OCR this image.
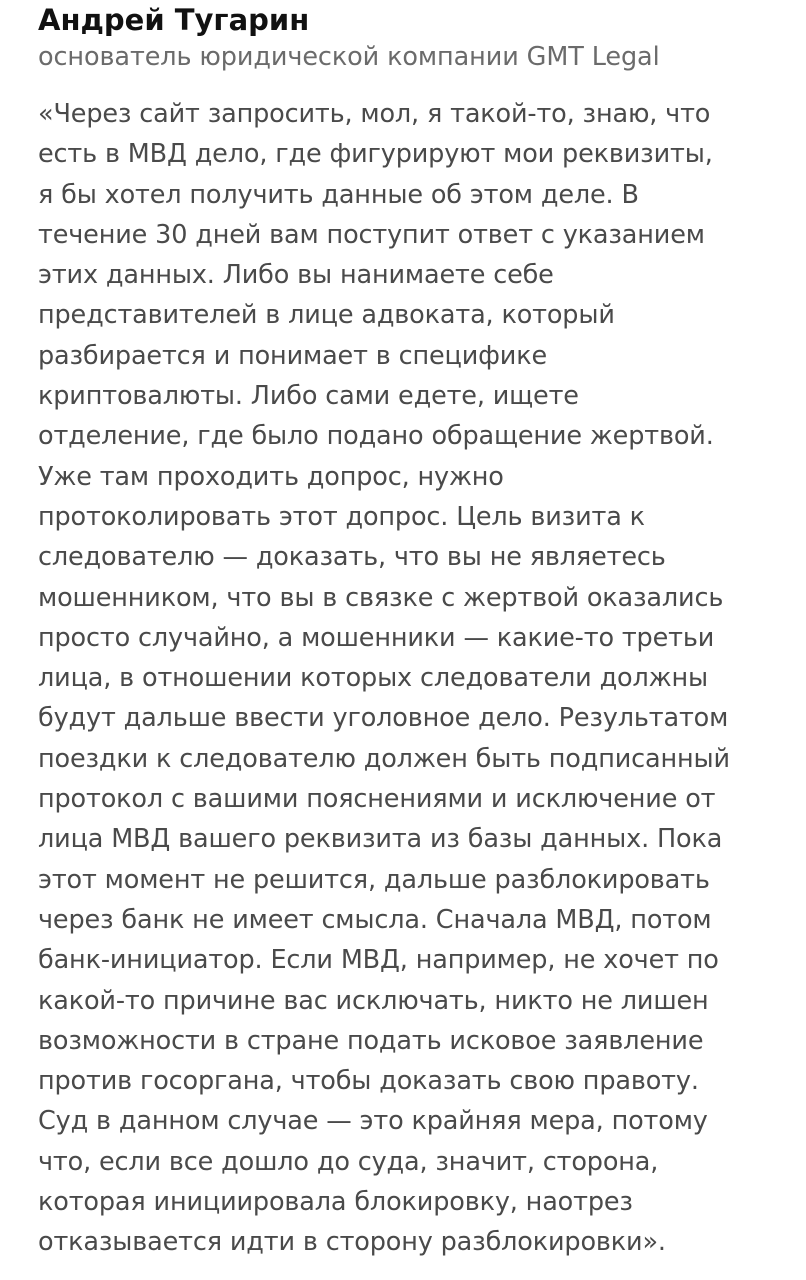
Андрей Тугарин
основатель юридической компании GMT Legal
«Через сайт запросить, мол, я такой-то, знаю, что
есть в МВД дело, где фигурируют мои реквизиты,
я бы хотел получить данные об этом деле. В
течение 30 дней вам поступит ответ с указанием
этих данных. Либо вы нанимаете себе
представителей в лице адвоката, который
разбирается и понимает в специфике
криптовалюты. Либо сами едете, ищете
отделение, где было подано обращение жертвой.
Уже там проходить допрос, нужно
протоколировать этот допрос. Цель визита к
следователю — доказать, что вы не являетесь
мошенником, что вы в связке с жертвой оказались
просто случайно, а мошенники — какие-то третьи
лица, в отношении которых следователи должны
будут дальше ввести уголовное дело. Результатом
поездки к следователю должен быть подписанный
протокол с вашими пояснениями и исключение от
лица МВД вашего реквизита из базы данных. Пока
этот момент не решится, дальше разблокировать
через банк не имеет смысла. Сначала МВД, потом
банк-инициатор. Если МВД, например, не хочет по
какой-то причине вас исключать, никто не лишен
возможности в стране подать исковое заявление
против госоргана, чтобы доказать свою правоту.
Суд в данном случае — это крайняя мера, потому
что, если все дошло до суда, значит, сторона,
которая инициировала блокировку, наотрез
отказывается идти в сторону разблокировки».
